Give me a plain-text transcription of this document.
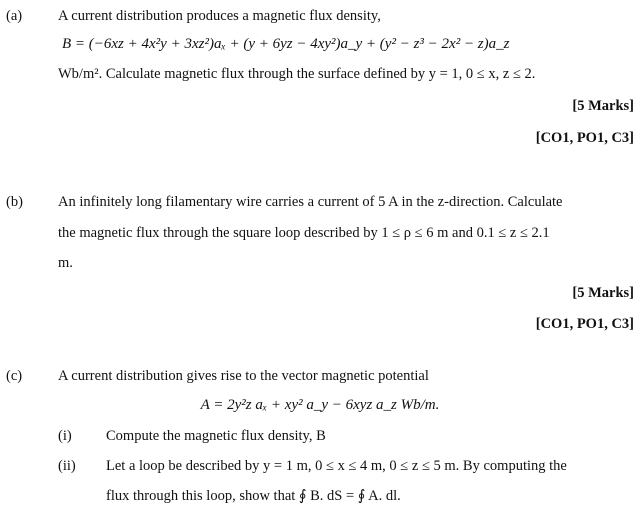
(a) A current distribution produces a magnetic flux density,
B = (−6xz + 4x²y + 3xz²)aₓ + (y + 6yz − 4xy²)a_y + (y² − z³ − 2x² − z)a_z
Wb/m². Calculate magnetic flux through the surface defined by y = 1, 0 ≤ x, z ≤ 2.
[5 Marks]
[CO1, PO1, C3]
(b) An infinitely long filamentary wire carries a current of 5 A in the z-direction. Calculate
the magnetic flux through the square loop described by 1 ≤ ρ ≤ 6 m and 0.1 ≤ z ≤ 2.1
m.
[5 Marks]
[CO1, PO1, C3]
(c) A current distribution gives rise to the vector magnetic potential
A = 2y²z aₓ + xy² a_y − 6xyz a_z Wb/m.
(i) Compute the magnetic flux density, B
(ii) Let a loop be described by y = 1 m, 0 ≤ x ≤ 4 m, 0 ≤ z ≤ 5 m. By computing the
flux through this loop, show that ∮ B. dS = ∮ A. dl.
